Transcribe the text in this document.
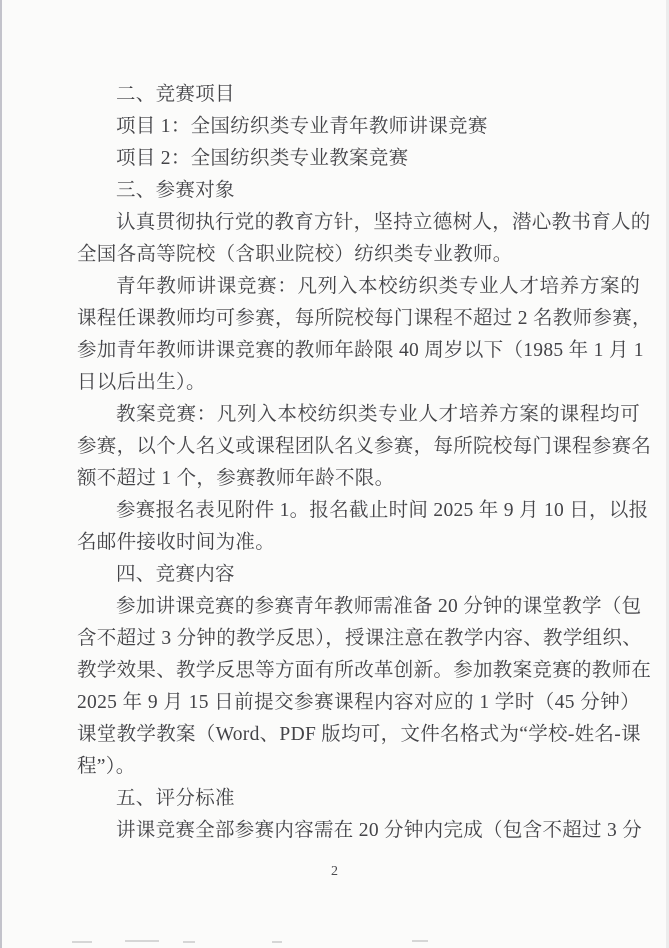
二、竞赛项目
项目 1：全国纺织类专业青年教师讲课竞赛
项目 2：全国纺织类专业教案竞赛
三、参赛对象
认真贯彻执行党的教育方针，坚持立德树人，潜心教书育人的
全国各高等院校（含职业院校）纺织类专业教师。
青年教师讲课竞赛：凡列入本校纺织类专业人才培养方案的
课程任课教师均可参赛，每所院校每门课程不超过 2 名教师参赛，
参加青年教师讲课竞赛的教师年龄限 40 周岁以下（1985 年 1 月 1
日以后出生）。
教案竞赛：凡列入本校纺织类专业人才培养方案的课程均可
参赛，以个人名义或课程团队名义参赛，每所院校每门课程参赛名
额不超过 1 个，参赛教师年龄不限。
参赛报名表见附件 1。报名截止时间 2025 年 9 月 10 日，以报
名邮件接收时间为准。
四、竞赛内容
参加讲课竞赛的参赛青年教师需准备 20 分钟的课堂教学（包
含不超过 3 分钟的教学反思），授课注意在教学内容、教学组织、
教学效果、教学反思等方面有所改革创新。参加教案竞赛的教师在
2025 年 9 月 15 日前提交参赛课程内容对应的 1 学时（45 分钟）
课堂教学教案（Word、PDF 版均可，文件名格式为“学校-姓名-课
程”）。
五、评分标准
讲课竞赛全部参赛内容需在 20 分钟内完成（包含不超过 3 分
2
